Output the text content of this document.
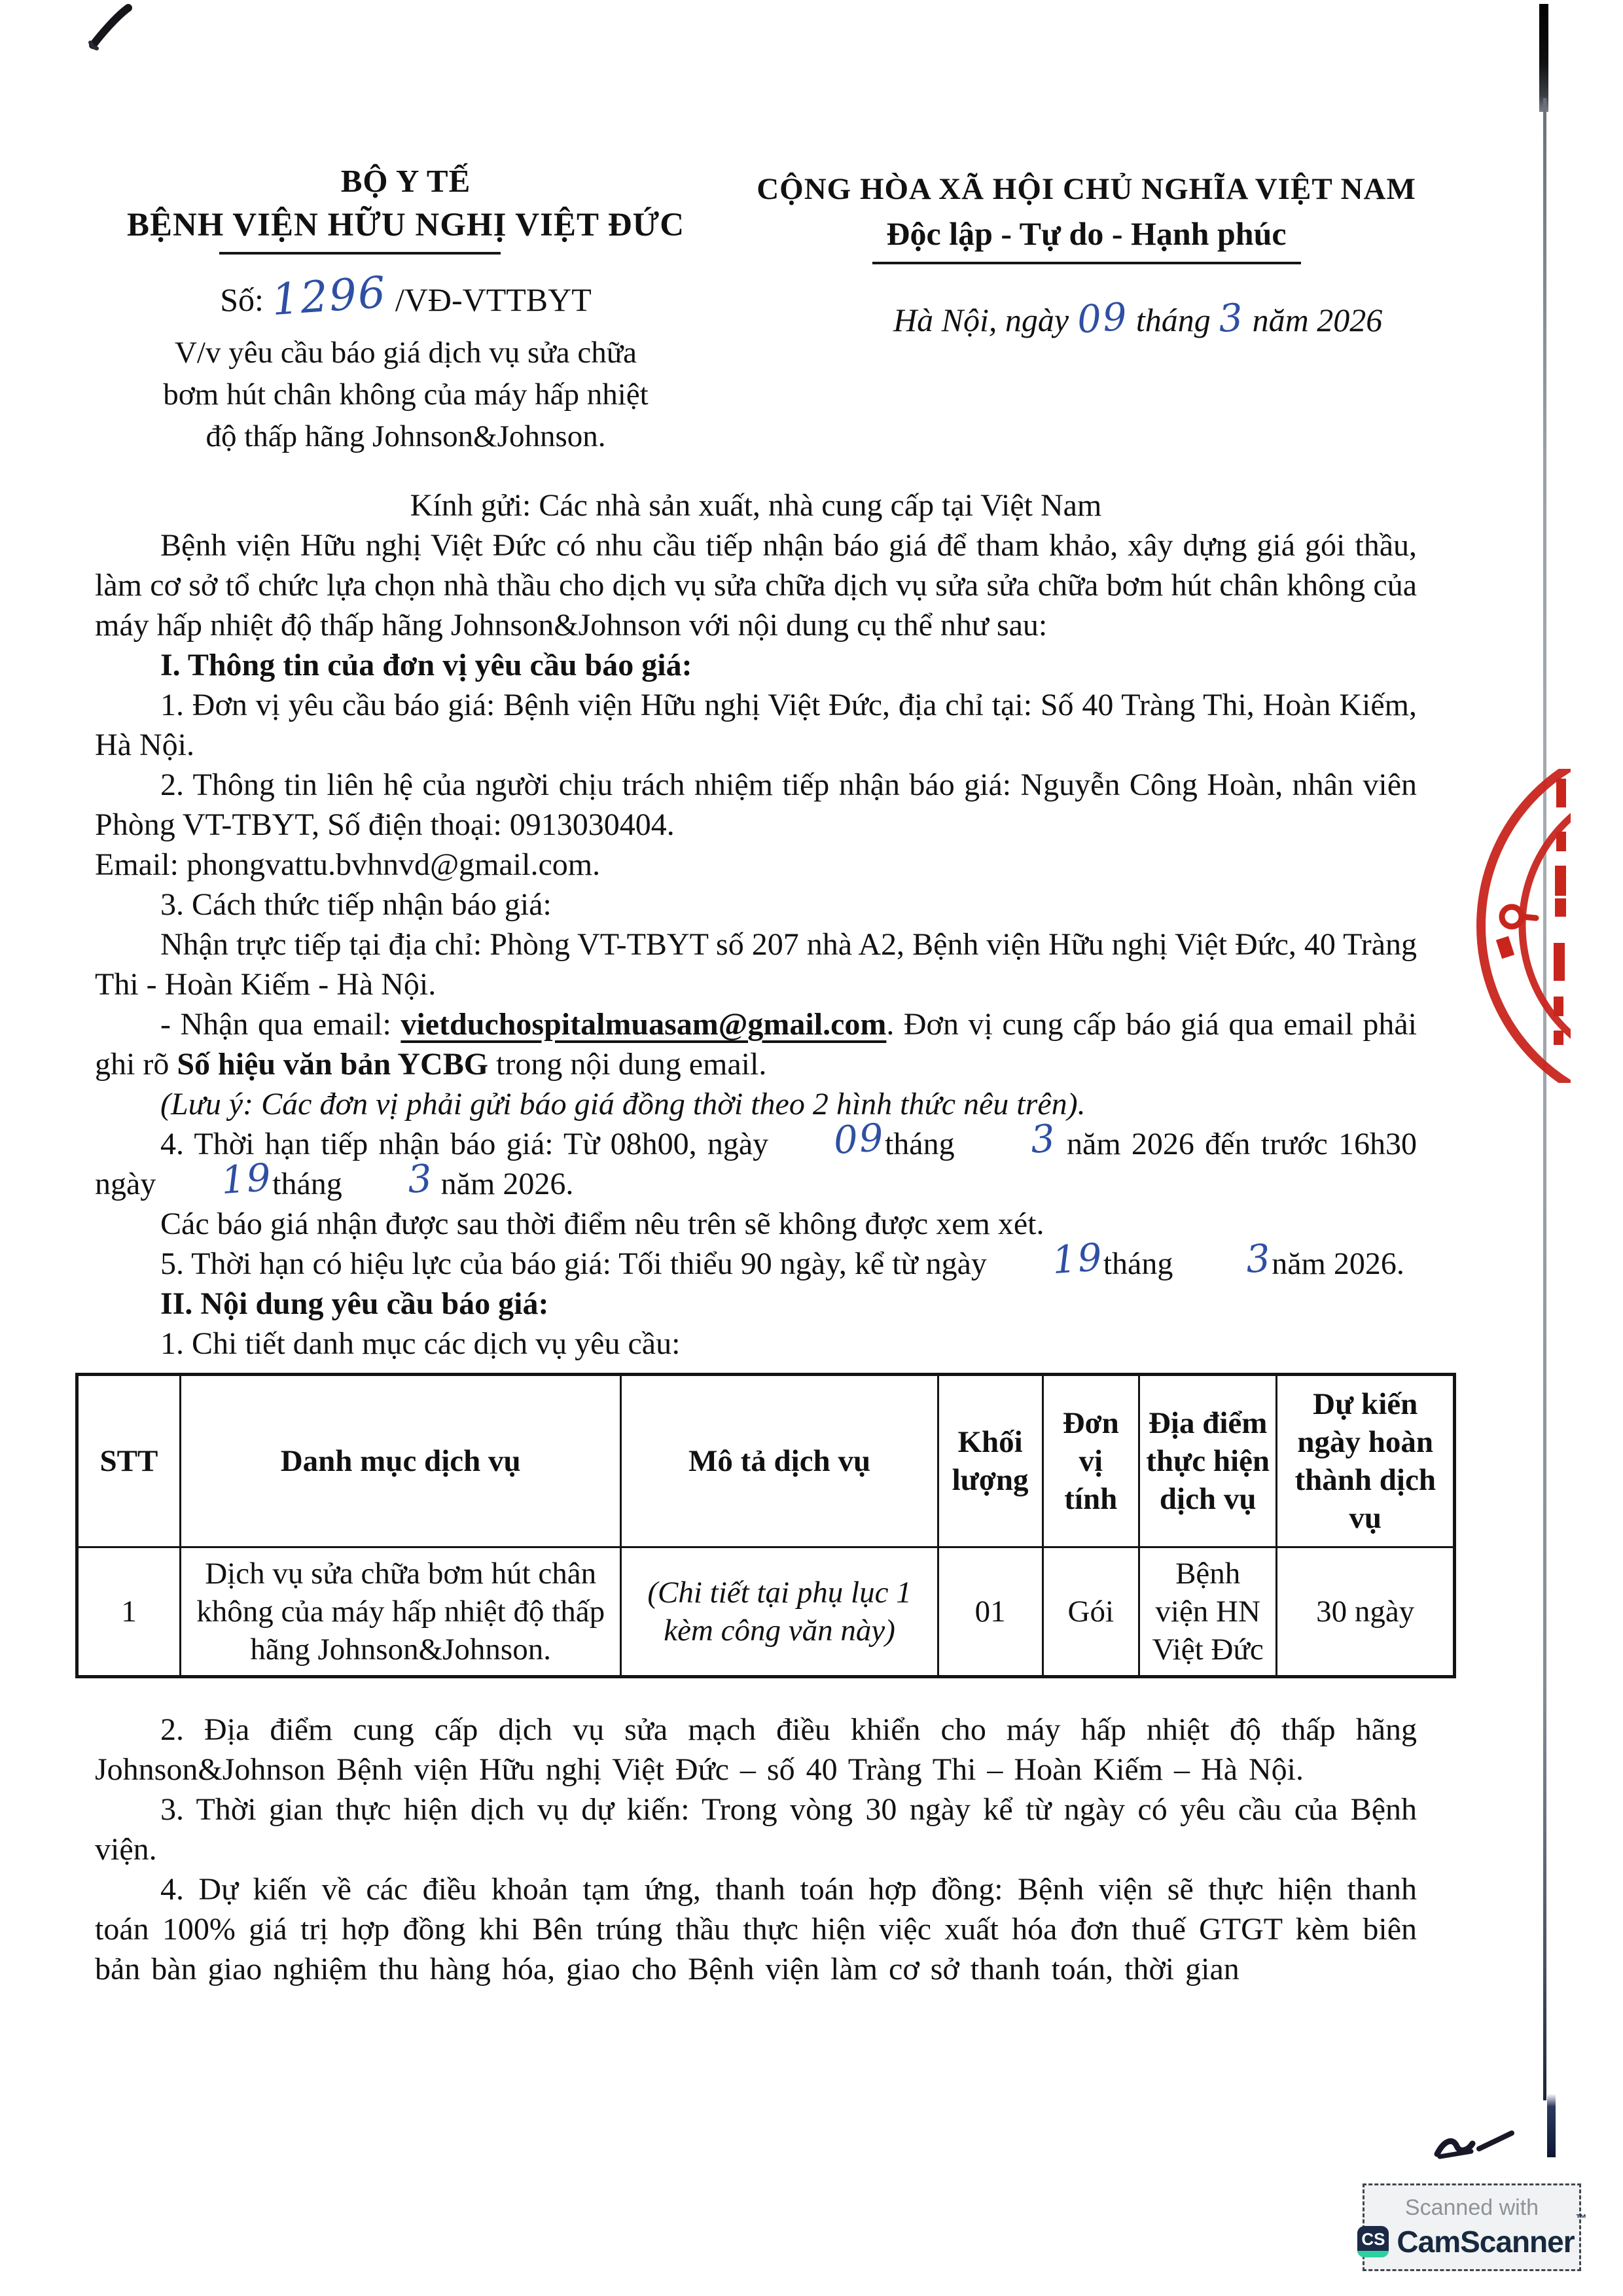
BỘ Y TẾ
BỆNH VIỆN HỮU NGHỊ VIỆT ĐỨC
Số: 1296 /VĐ-VTTBYT
V/v yêu cầu báo giá dịch vụ sửa chữa
bơm hút chân không của máy hấp nhiệt
độ thấp hãng Johnson&Johnson.
CỘNG HÒA XÃ HỘI CHỦ NGHĨA VIỆT NAM
Độc lập - Tự do - Hạnh phúc
Hà Nội, ngày 09 tháng 3 năm 2026

Kính gửi: Các nhà sản xuất, nhà cung cấp tại Việt Nam

Bệnh viện Hữu nghị Việt Đức có nhu cầu tiếp nhận báo giá để tham khảo, xây dựng giá gói thầu, làm cơ sở tổ chức lựa chọn nhà thầu cho dịch vụ sửa chữa dịch vụ sửa sửa chữa bơm hút chân không của máy hấp nhiệt độ thấp hãng Johnson&Johnson với nội dung cụ thể như sau:

I. Thông tin của đơn vị yêu cầu báo giá:

1. Đơn vị yêu cầu báo giá: Bệnh viện Hữu nghị Việt Đức, địa chỉ tại: Số 40 Tràng Thi, Hoàn Kiếm, Hà Nội.

2. Thông tin liên hệ của người chịu trách nhiệm tiếp nhận báo giá: Nguyễn Công Hoàn, nhân viên Phòng VT-TBYT, Số điện thoại: 0913030404.

Email: phongvattu.bvhnvd@gmail.com.

3. Cách thức tiếp nhận báo giá:

Nhận trực tiếp tại địa chỉ: Phòng VT-TBYT số 207 nhà A2, Bệnh viện Hữu nghị Việt Đức, 40 Tràng Thi - Hoàn Kiếm - Hà Nội.

- Nhận qua email: vietduchospitalmuasam@gmail.com. Đơn vị cung cấp báo giá qua email phải ghi rõ Số hiệu văn bản YCBG trong nội dung email.

(Lưu ý: Các đơn vị phải gửi báo giá đồng thời theo 2 hình thức nêu trên).

4. Thời hạn tiếp nhận báo giá: Từ 08h00, ngày 09tháng 3 năm 2026 đến trước 16h30 ngày 19tháng 3 năm 2026.

Các báo giá nhận được sau thời điểm nêu trên sẽ không được xem xét.

5. Thời hạn có hiệu lực của báo giá: Tối thiểu 90 ngày, kể từ ngày 19tháng 3năm 2026.

II. Nội dung yêu cầu báo giá:

1. Chi tiết danh mục các dịch vụ yêu cầu:

STT	Danh mục dịch vụ	Mô tả dịch vụ	Khối lượng	Đơn vị tính	Địa điểm thực hiện dịch vụ	Dự kiến ngày hoàn thành dịch vụ
1	Dịch vụ sửa chữa bơm hút chân không của máy hấp nhiệt độ thấp hãng Johnson&Johnson.	(Chi tiết tại phụ lục 1 kèm công văn này)	01	Gói	Bệnh viện HN Việt Đức	30 ngày

2. Địa điểm cung cấp dịch vụ sửa mạch điều khiển cho máy hấp nhiệt độ thấp hãng Johnson&Johnson Bệnh viện Hữu nghị Việt Đức – số 40 Tràng Thi – Hoàn Kiếm – Hà Nội.

3. Thời gian thực hiện dịch vụ dự kiến: Trong vòng 30 ngày kể từ ngày có yêu cầu của Bệnh viện.

4. Dự kiến về các điều khoản tạm ứng, thanh toán hợp đồng: Bệnh viện sẽ thực hiện thanh toán 100% giá trị hợp đồng khi Bên trúng thầu thực hiện việc xuất hóa đơn thuế GTGT kèm biên bản bàn giao nghiệm thu hàng hóa, giao cho Bệnh viện làm cơ sở thanh toán, thời gian

Scanned with
CS CamScanner™
